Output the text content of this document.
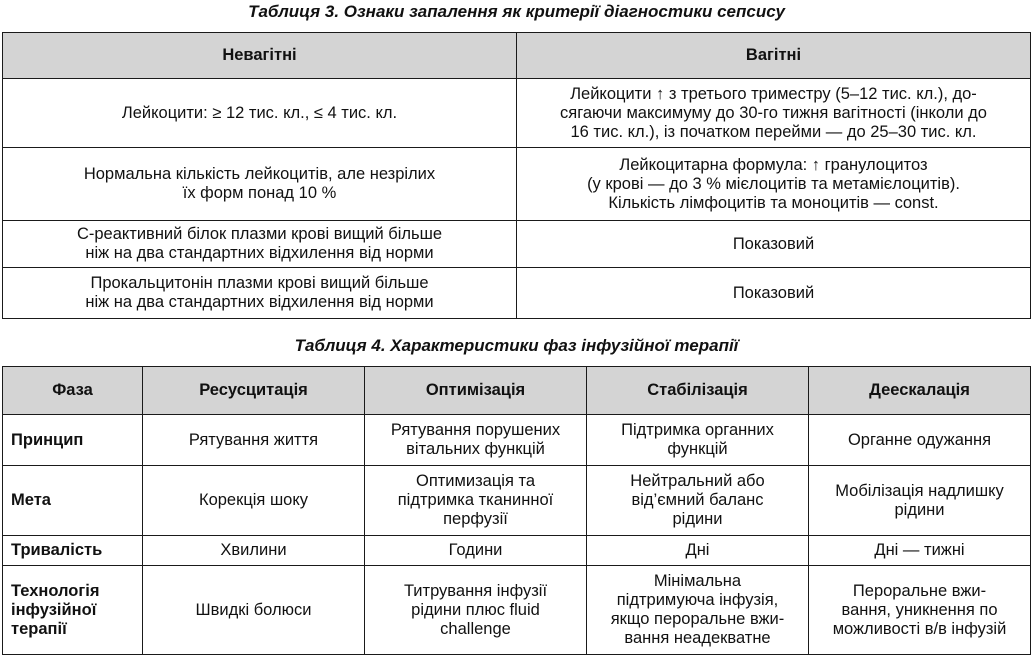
Таблиця 3. Ознаки запалення як критерії діагностики сепсису
Невагітні	Вагітні

Лейкоцити: ≥ 12 тис. кл., ≤ 4 тис. кл.	Лейкоцити ↑ з третього триместру (5–12 тис. кл.), до-
сягаючи максимуму до 30-го тижня вагітності (інколи до
16 тис. кл.), із початком перейми — до 25–30 тис. кл.

Нормальна кількість лейкоцитів, але незрілих
їх форм понад 10 %	Лейкоцитарна формула: ↑ гранулоцитоз
(у крові — до 3 % мієлоцитів та метамієлоцитів).
Кількість лімфоцитів та моноцитів — const.

С-реактивний білок плазми крові вищий більше
ніж на два стандартних відхилення від норми	Показовий

Прокальцитонін плазми крові вищий більше
ніж на два стандартних відхилення від норми	Показовий
Таблиця 4. Характеристики фаз інфузійної терапії
Фаза	Ресусцитація	Оптимізація	Стабілізація	Деескалація

Принцип	Рятування життя	Рятування порушених
вітальних функцій	Підтримка органних
функцій	Органне одужання

Мета	Корекція шоку	Оптимизація та
підтримка тканинної
перфузії	Нейтральний або
від’ємний баланс
рідини	Мобілізація надлишку
рідини

Тривалість	Хвилини	Години	Дні	Дні — тижні

Технологія
інфузійної
терапії	Швидкі болюси	Титрування інфузії
рідини плюс fluid
challenge	Мінімальна
підтримуюча інфузія,
якщо пероральне вжи-
вання неадекватне	Пероральне вжи-
вання, уникнення по
можливості в/в інфузій
